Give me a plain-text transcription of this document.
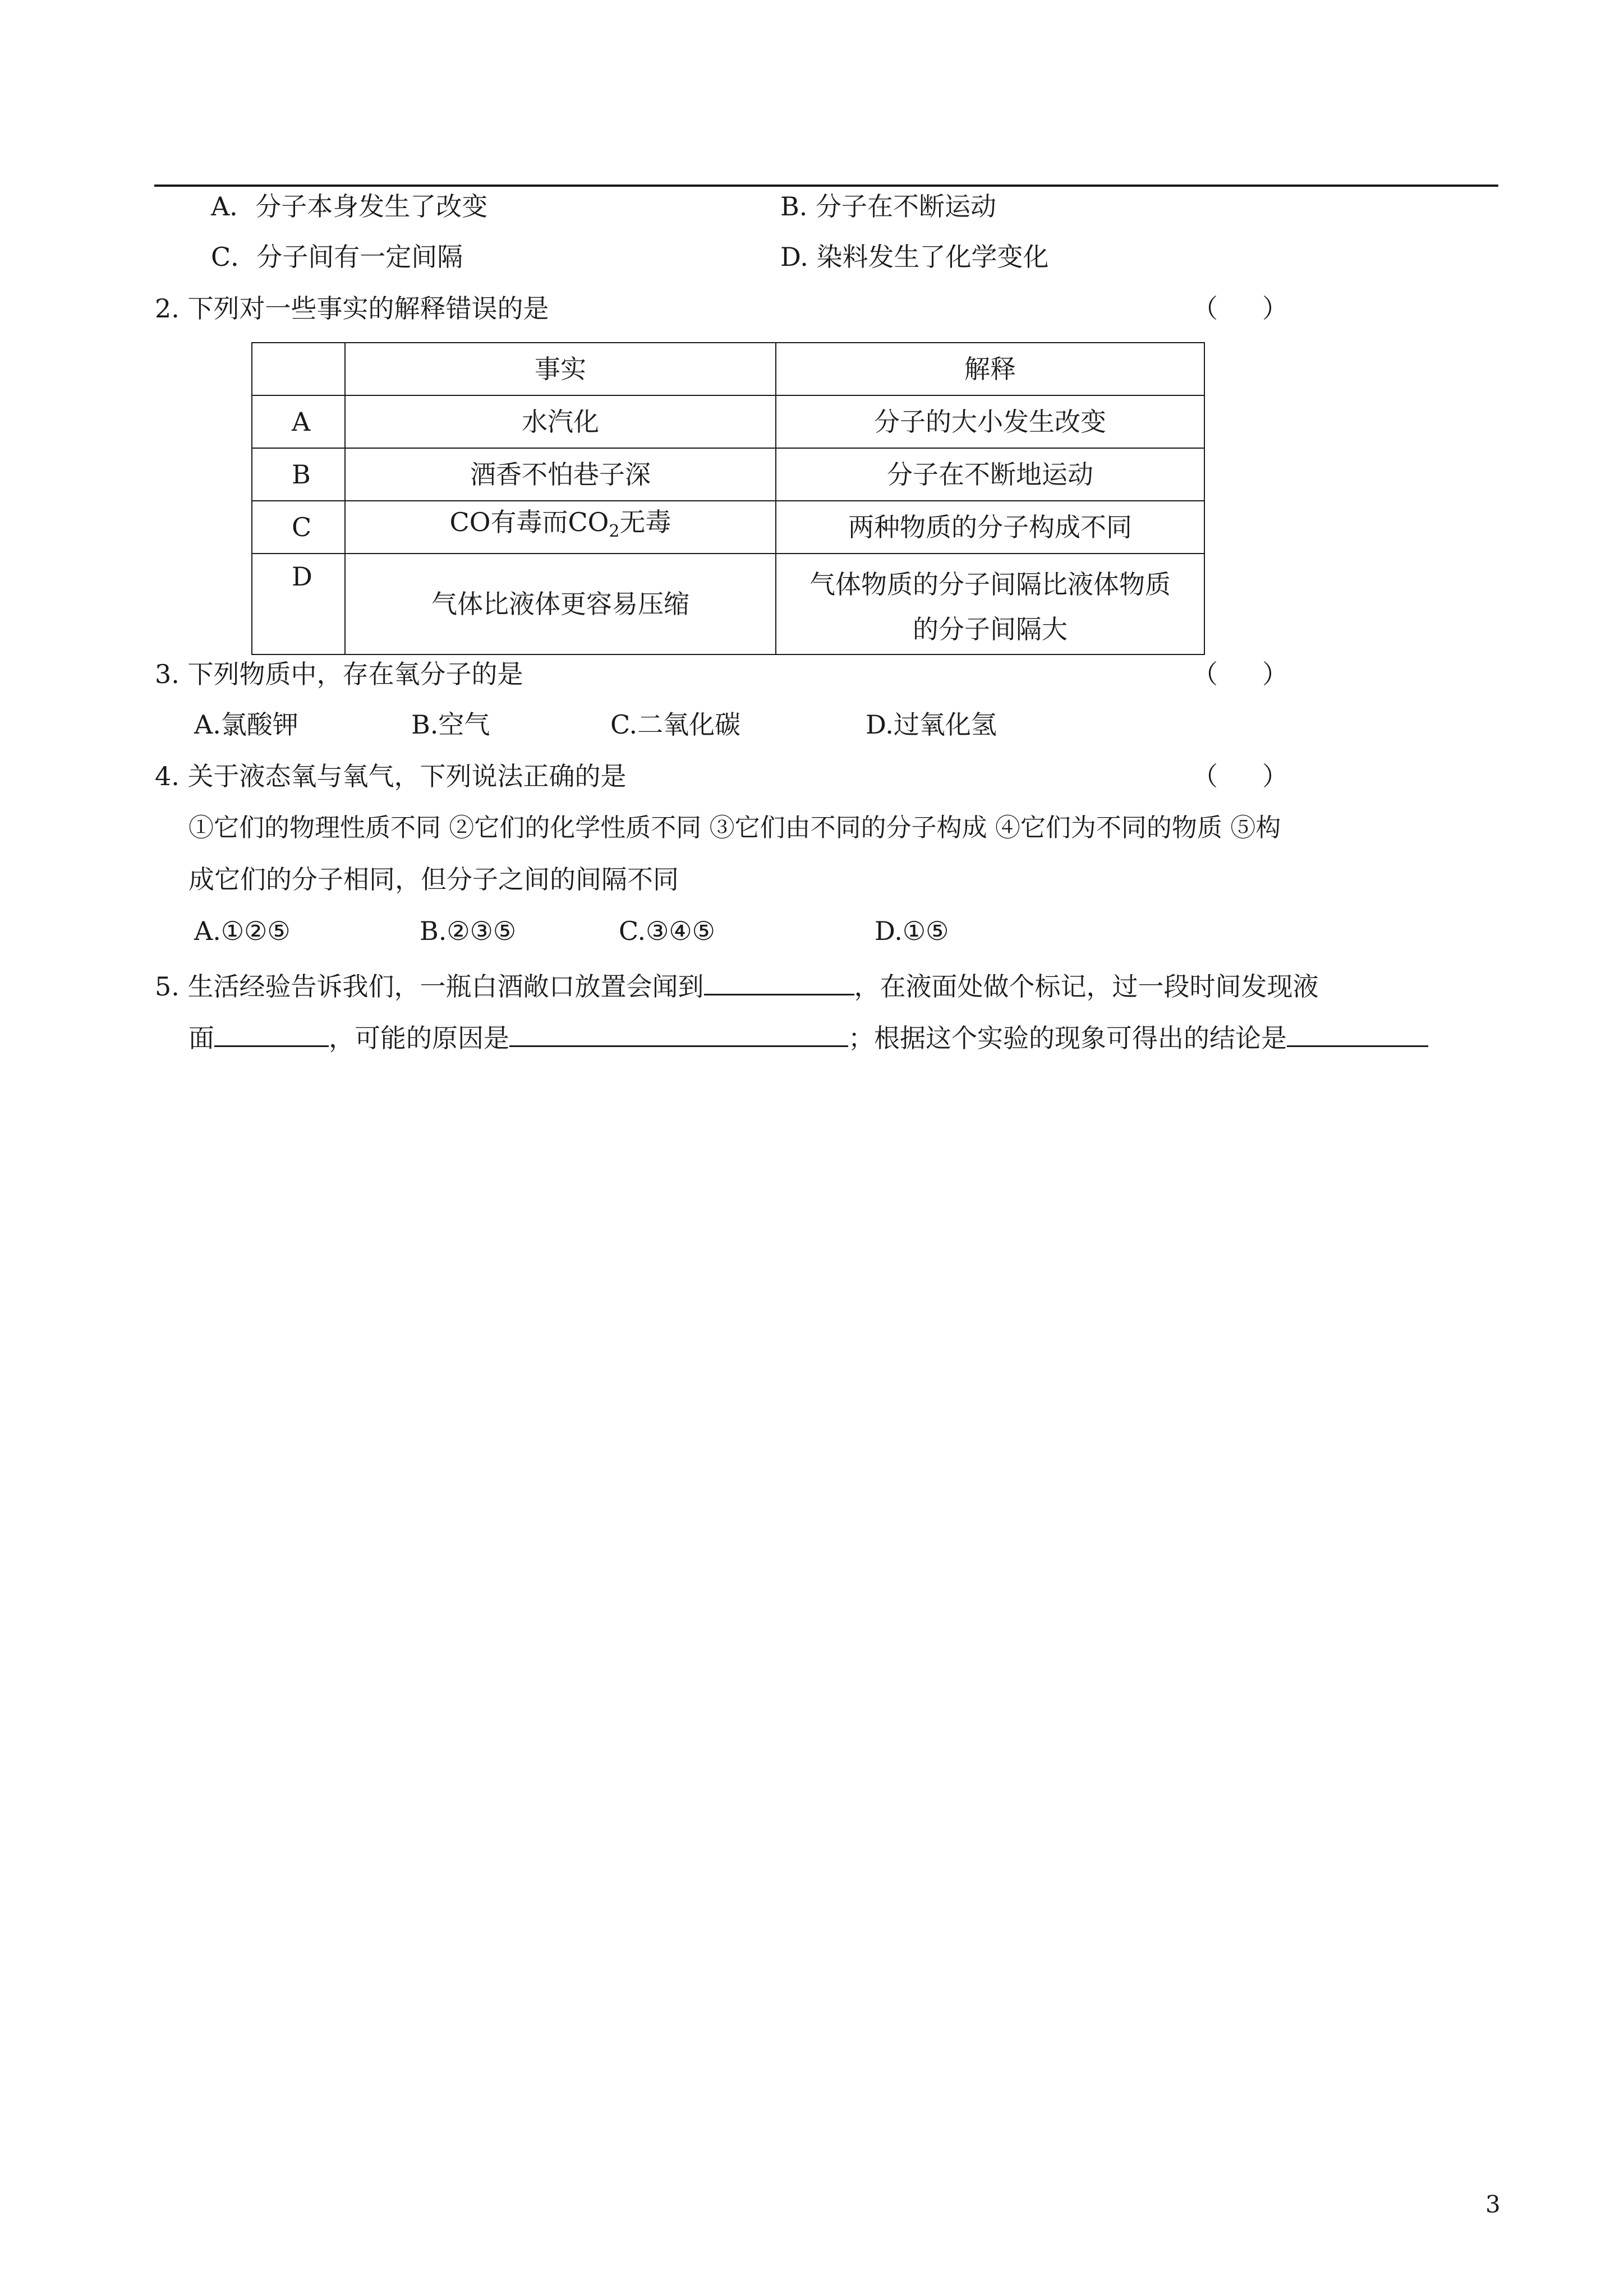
A．分子本身发生了改变	B. 分子在不断运动
C．分子间有一定间隔	D. 染料发生了化学变化
2. 下列对一些事实的解释错误的是	（ ）
	事实	解释
A	水汽化	分子的大小发生改变
B	酒香不怕巷子深	分子在不断地运动
C	CO有毒而$CO_2$无毒	两种物质的分子构成不同
D	气体比液体更容易压缩	气体物质的分子间隔比液体物质
的分子间隔大
3. 下列物质中，存在氧分子的是	（ ）
A.氯酸钾	B.空气	C.二氧化碳	D.过氧化氢
4. 关于液态氧与氧气，下列说法正确的是	（ ）
①它们的物理性质不同 ②它们的化学性质不同 ③它们由不同的分子构成 ④它们为不同的物质 ⑤构
成它们的分子相同，但分子之间的间隔不同
A.①②⑤	B.②③⑤	C.③④⑤	D.①⑤
5. 生活经验告诉我们，一瓶白酒敞口放置会闻到	，在液面处做个标记，过一段时间发现液
面	，可能的原因是	；根据这个实验的现象可得出的结论是
3
